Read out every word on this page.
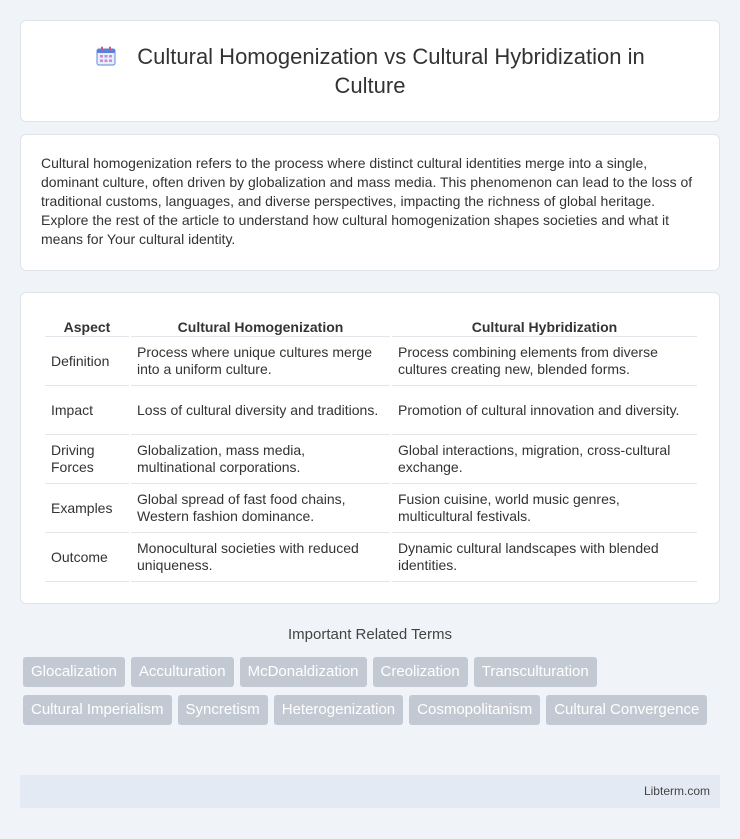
Cultural Homogenization vs Cultural Hybridization in Culture

Cultural homogenization refers to the process where distinct cultural identities merge into a single, dominant culture, often driven by globalization and mass media. This phenomenon can lead to the loss of traditional customs, languages, and diverse perspectives, impacting the richness of global heritage. Explore the rest of the article to understand how cultural homogenization shapes societies and what it means for Your cultural identity.

Aspect	Cultural Homogenization	Cultural Hybridization
Definition	Process where unique cultures merge into a uniform culture.	Process combining elements from diverse cultures creating new, blended forms.
Impact	Loss of cultural diversity and traditions.	Promotion of cultural innovation and diversity.
Driving Forces	Globalization, mass media, multinational corporations.	Global interactions, migration, cross-cultural exchange.
Examples	Global spread of fast food chains, Western fashion dominance.	Fusion cuisine, world music genres, multicultural festivals.
Outcome	Monocultural societies with reduced uniqueness.	Dynamic cultural landscapes with blended identities.
Important Related Terms
Glocalization	Acculturation	McDonaldization	Creolization	Transculturation
Cultural Imperialism	Syncretism	Heterogenization	Cosmopolitanism	Cultural Convergence
Libterm.com
